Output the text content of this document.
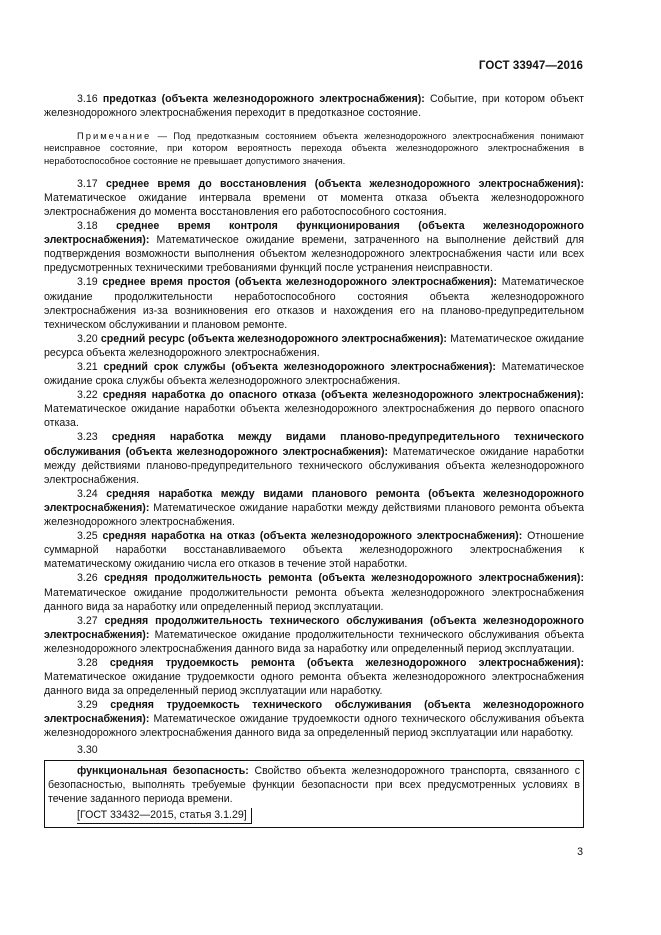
ГОСТ 33947—2016

3.16 предотказ (объекта железнодорожного электроснабжения): Событие, при котором объект железнодорожного электроснабжения переходит в предотказное состояние.

Примечание — Под предотказным состоянием объекта железнодорожного электроснабжения понимают неисправное состояние, при котором вероятность перехода объекта железнодорожного электроснабжения в неработоспособное состояние не превышает допустимого значения.

3.17 среднее время до восстановления (объекта железнодорожного электроснабжения): Математическое ожидание интервала времени от момента отказа объекта железнодорожного электроснабжения до момента восстановления его работоспособного состояния.

3.18 среднее время контроля функционирования (объекта железнодорожного электроснабжения): Математическое ожидание времени, затраченного на выполнение действий для подтверждения возможности выполнения объектом железнодорожного электроснабжения части или всех предусмотренных техническими требованиями функций после устранения неисправности.

3.19 среднее время простоя (объекта железнодорожного электроснабжения): Математическое ожидание продолжительности неработоспособного состояния объекта железнодорожного электроснабжения из-за возникновения его отказов и нахождения его на планово-предупредительном техническом обслуживании и плановом ремонте.

3.20 средний ресурс (объекта железнодорожного электроснабжения): Математическое ожидание ресурса объекта железнодорожного электроснабжения.

3.21 средний срок службы (объекта железнодорожного электроснабжения): Математическое ожидание срока службы объекта железнодорожного электроснабжения.

3.22 средняя наработка до опасного отказа (объекта железнодорожного электроснабжения): Математическое ожидание наработки объекта железнодорожного электроснабжения до первого опасного отказа.

3.23 средняя наработка между видами планово-предупредительного технического обслуживания (объекта железнодорожного электроснабжения): Математическое ожидание наработки между действиями планово-предупредительного технического обслуживания объекта железнодорожного электроснабжения.

3.24 средняя наработка между видами планового ремонта (объекта железнодорожного электроснабжения): Математическое ожидание наработки между действиями планового ремонта объекта железнодорожного электроснабжения.

3.25 средняя наработка на отказ (объекта железнодорожного электроснабжения): Отношение суммарной наработки восстанавливаемого объекта железнодорожного электроснабжения к математическому ожиданию числа его отказов в течение этой наработки.

3.26 средняя продолжительность ремонта (объекта железнодорожного электроснабжения): Математическое ожидание продолжительности ремонта объекта железнодорожного электроснабжения данного вида за наработку или определенный период эксплуатации.

3.27 средняя продолжительность технического обслуживания (объекта железнодорожного электроснабжения): Математическое ожидание продолжительности технического обслуживания объекта железнодорожного электроснабжения данного вида за наработку или определенный период эксплуатации.

3.28 средняя трудоемкость ремонта (объекта железнодорожного электроснабжения): Математическое ожидание трудоемкости одного ремонта объекта железнодорожного электроснабжения данного вида за определенный период эксплуатации или наработку.

3.29 средняя трудоемкость технического обслуживания (объекта железнодорожного электроснабжения): Математическое ожидание трудоемкости одного технического обслуживания объекта железнодорожного электроснабжения данного вида за определенный период эксплуатации или наработку.

3.30

функциональная безопасность: Свойство объекта железнодорожного транспорта, связанного с безопасностью, выполнять требуемые функции безопасности при всех предусмотренных условиях в течение заданного периода времени.

[ГОСТ 33432—2015, статья 3.1.29]
3
